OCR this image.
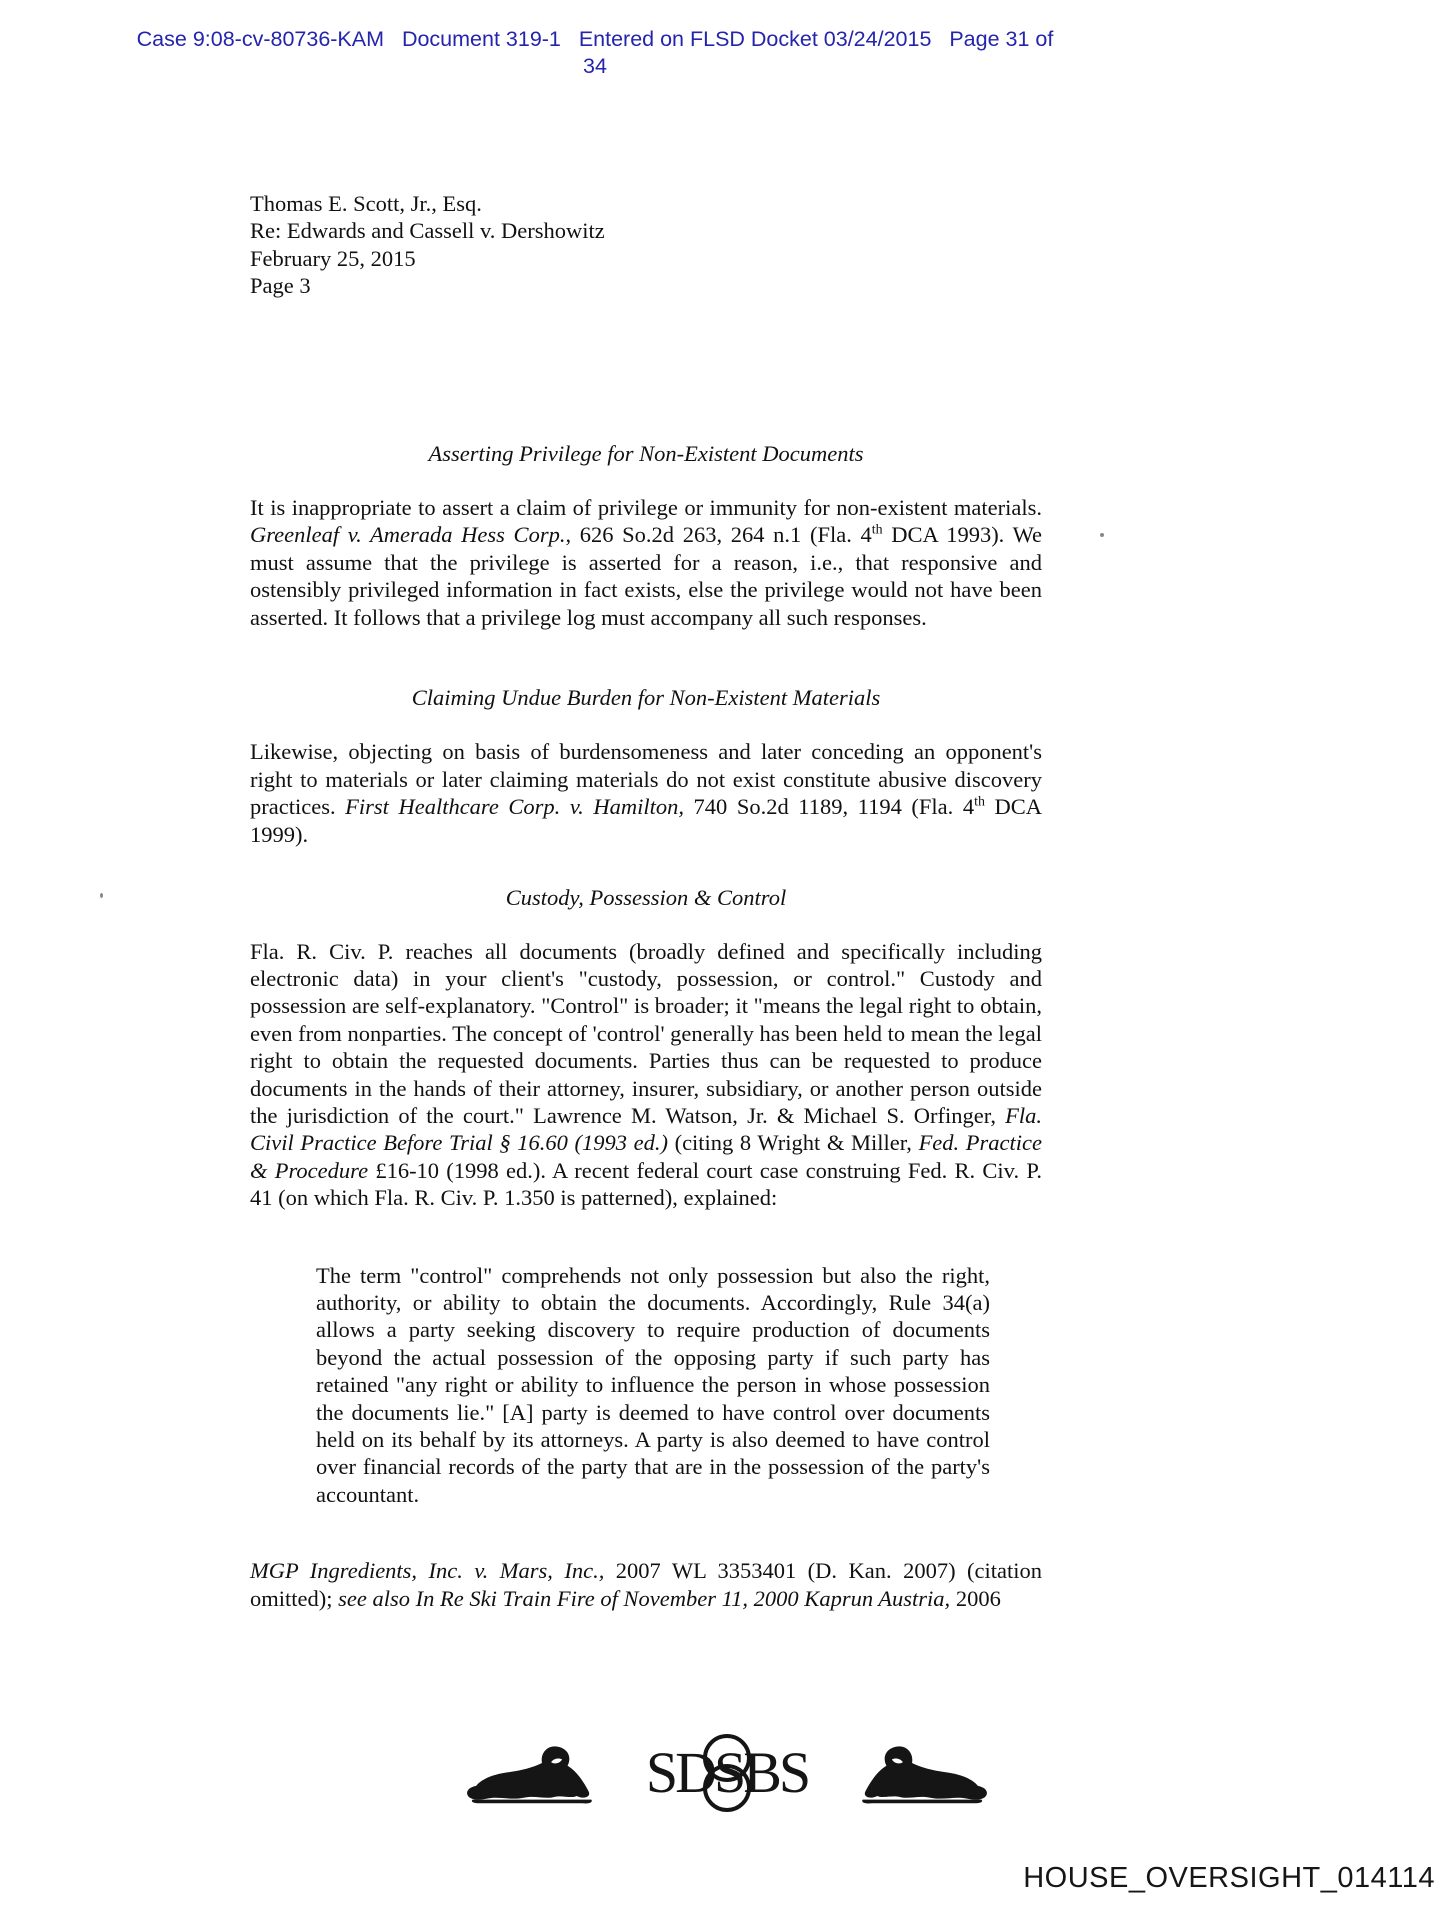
Case 9:08-cv-80736-KAM   Document 319-1   Entered on FLSD Docket 03/24/2015   Page 31 of
34
Thomas E. Scott, Jr., Esq.
Re: Edwards and Cassell v. Dershowitz
February 25, 2015
Page 3
Asserting Privilege for Non-Existent Documents

It is inappropriate to assert a claim of privilege or immunity for non-existent materials. Greenleaf v. Amerada Hess Corp., 626 So.2d 263, 264 n.1 (Fla. 4th DCA 1993). We must assume that the privilege is asserted for a reason, i.e., that responsive and ostensibly privileged information in fact exists, else the privilege would not have been asserted. It follows that a privilege log must accompany all such responses.

Claiming Undue Burden for Non-Existent Materials

Likewise, objecting on basis of burdensomeness and later conceding an opponent's right to materials or later claiming materials do not exist constitute abusive discovery practices. First Healthcare Corp. v. Hamilton, 740 So.2d 1189, 1194 (Fla. 4th DCA 1999).

Custody, Possession & Control

Fla. R. Civ. P. reaches all documents (broadly defined and specifically including electronic data) in your client's "custody, possession, or control." Custody and possession are self-explanatory. "Control" is broader; it "means the legal right to obtain, even from nonparties. The concept of 'control' generally has been held to mean the legal right to obtain the requested documents. Parties thus can be requested to produce documents in the hands of their attorney, insurer, subsidiary, or another person outside the jurisdiction of the court." Lawrence M. Watson, Jr. & Michael S. Orfinger, Fla. Civil Practice Before Trial § 16.60 (1993 ed.) (citing 8 Wright & Miller, Fed. Practice & Procedure £16-10 (1998 ed.). A recent federal court case construing Fed. R. Civ. P. 41 (on which Fla. R. Civ. P. 1.350 is patterned), explained:

The term "control" comprehends not only possession but also the right, authority, or ability to obtain the documents. Accordingly, Rule 34(a) allows a party seeking discovery to require production of documents beyond the actual possession of the opposing party if such party has retained "any right or ability to influence the person in whose possession the documents lie." [A] party is deemed to have control over documents held on its behalf by its attorneys. A party is also deemed to have control over financial records of the party that are in the possession of the party's accountant.

MGP Ingredients, Inc. v. Mars, Inc., 2007 WL 3353401 (D. Kan. 2007) (citation omitted); see also In Re Ski Train Fire of November 11, 2000 Kaprun Austria, 2006

SDSBS
HOUSE_OVERSIGHT_014114
